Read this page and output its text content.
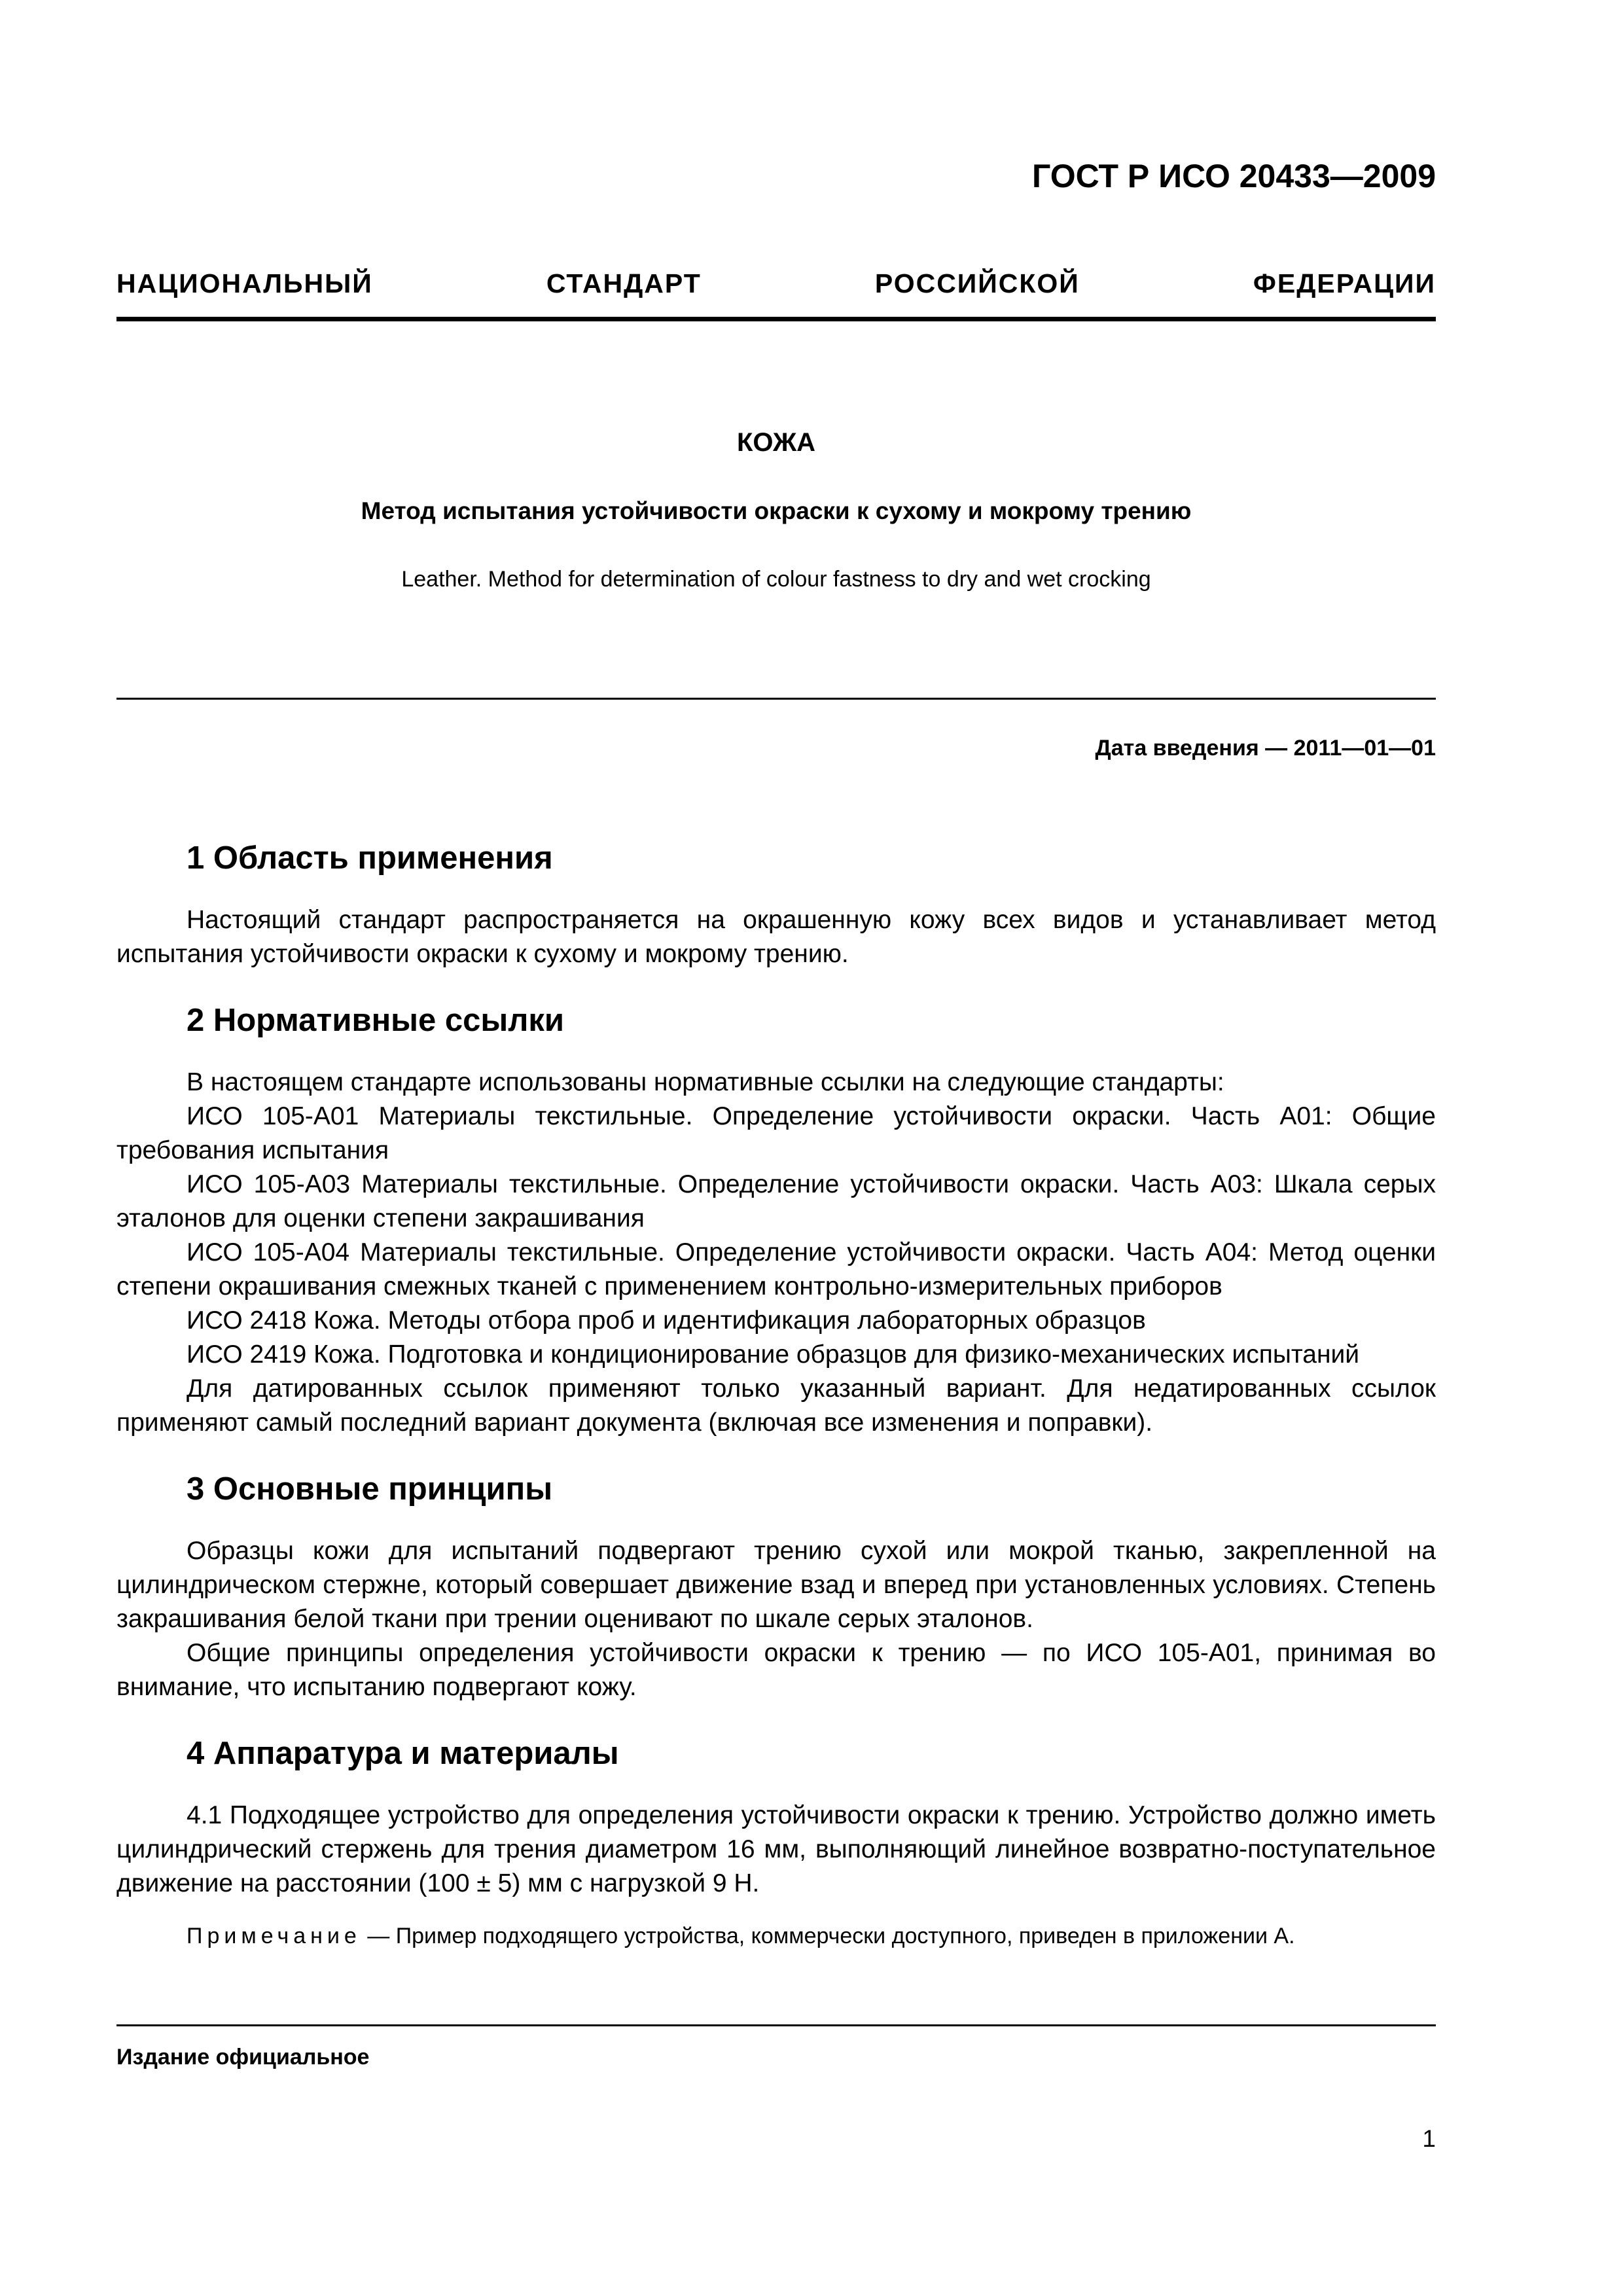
ГОСТ Р ИСО 20433—2009
НАЦИОНАЛЬНЫЙ СТАНДАРТ РОССИЙСКОЙ ФЕДЕРАЦИИ
КОЖА
Метод испытания устойчивости окраски к сухому и мокрому трению
Leather. Method for determination of colour fastness to dry and wet crocking
Дата введения — 2011—01—01
1 Область применения

Настоящий стандарт распространяется на окрашенную кожу всех видов и устанавливает метод испытания устойчивости окраски к сухому и мокрому трению.

2 Нормативные ссылки

В настоящем стандарте использованы нормативные ссылки на следующие стандарты:

ИСО 105-А01 Материалы текстильные. Определение устойчивости окраски. Часть А01: Общие требования испытания

ИСО 105-А03 Материалы текстильные. Определение устойчивости окраски. Часть А03: Шкала серых эталонов для оценки степени закрашивания

ИСО 105-А04 Материалы текстильные. Определение устойчивости окраски. Часть А04: Метод оценки степени окрашивания смежных тканей с применением контрольно-измерительных приборов

ИСО 2418 Кожа. Методы отбора проб и идентификация лабораторных образцов

ИСО 2419 Кожа. Подготовка и кондиционирование образцов для физико-механических испытаний

Для датированных ссылок применяют только указанный вариант. Для недатированных ссылок применяют самый последний вариант документа (включая все изменения и поправки).

3 Основные принципы

Образцы кожи для испытаний подвергают трению сухой или мокрой тканью, закрепленной на цилиндрическом стержне, который совершает движение взад и вперед при установленных условиях. Степень закрашивания белой ткани при трении оценивают по шкале серых эталонов.

Общие принципы определения устойчивости окраски к трению — по ИСО 105-А01, принимая во внимание, что испытанию подвергают кожу.

4 Аппаратура и материалы

4.1 Подходящее устройство для определения устойчивости окраски к трению. Устройство должно иметь цилиндрический стержень для трения диаметром 16 мм, выполняющий линейное возвратно-поступательное движение на расстоянии (100 ± 5) мм с нагрузкой 9 Н.

Примечание — Пример подходящего устройства, коммерчески доступного, приведен в приложении А.

Издание официальное
1
